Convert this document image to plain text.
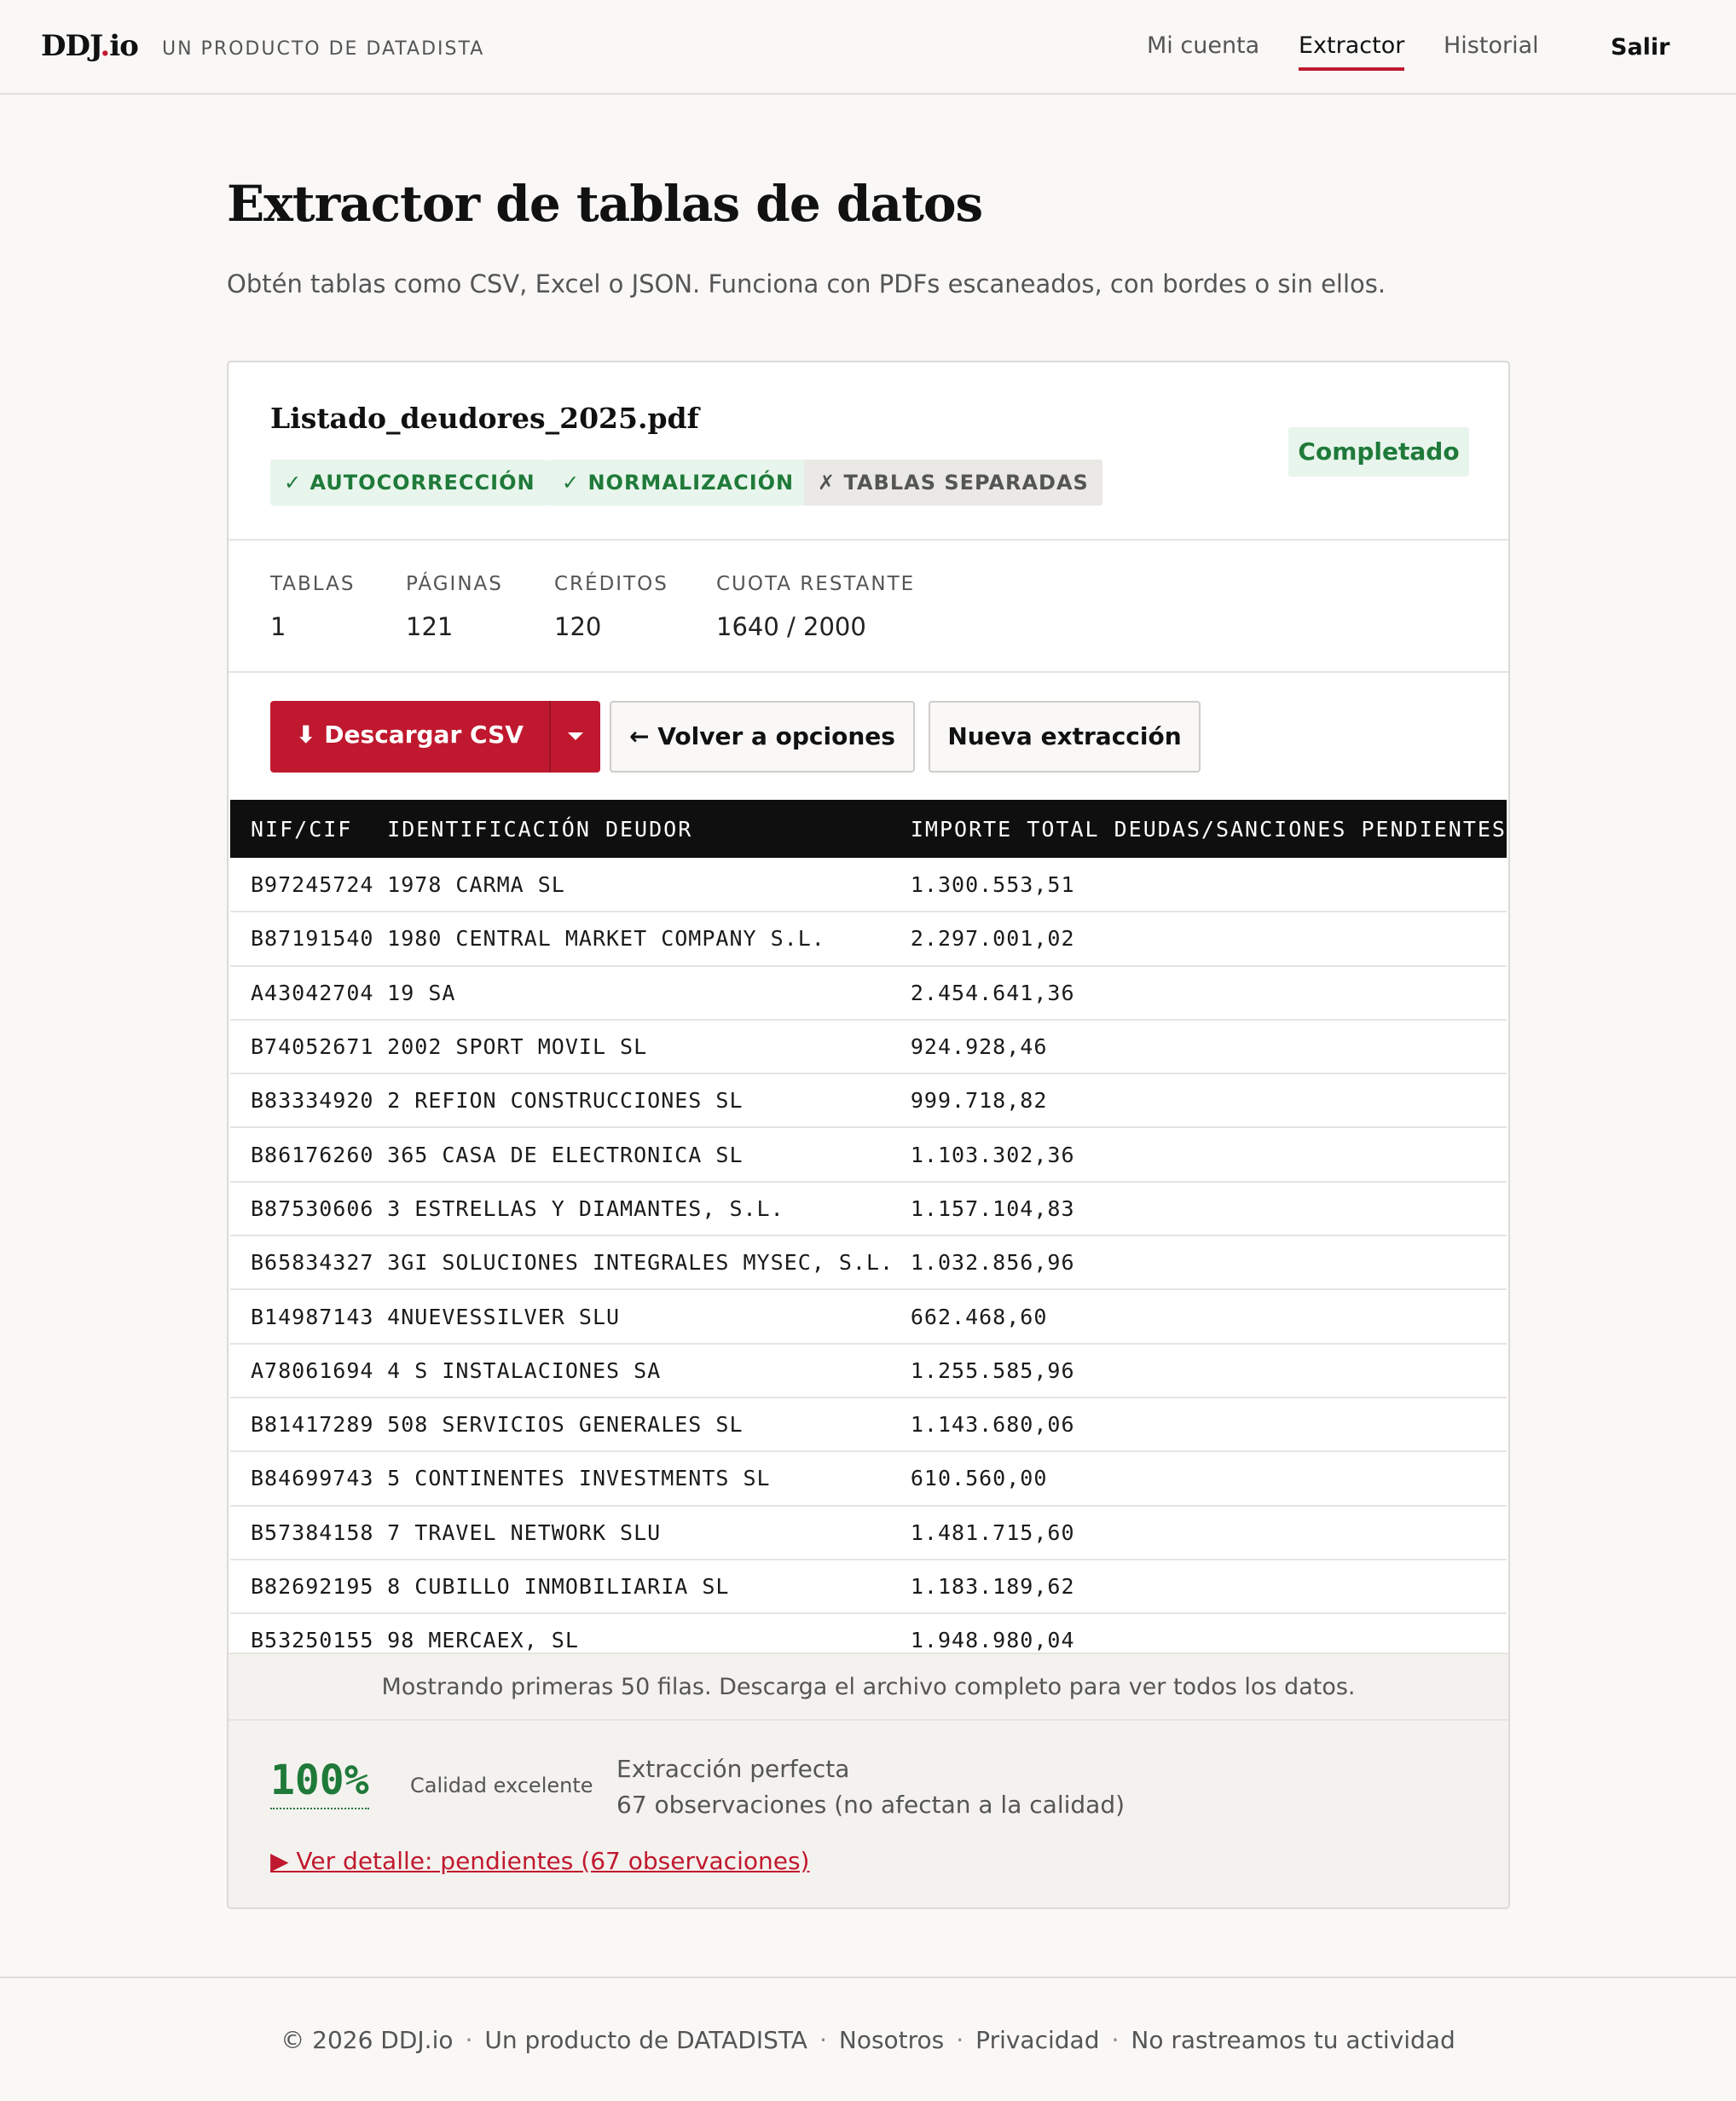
DDJ.io UN PRODUCTO DE DATADISTA	Mi cuenta Extractor Historial	Salir
Extractor de tablas de datos

Obtén tablas como CSV, Excel o JSON. Funciona con PDFs escaneados, con bordes o sin ellos.

Listado_deudores_2025.pdf
✓ AUTOCORRECCIÓN	✓ NORMALIZACIÓN	✗ TABLAS SEPARADAS
Completado
TABLAS
1
PÁGINAS
121
CRÉDITOS
120
CUOTA RESTANTE
1640 / 2000
⬇ Descargar CSV	← Volver a opciones	Nueva extracción
NIF/CIF	IDENTIFICACIÓN DEUDOR	IMPORTE TOTAL DEUDAS/SANCIONES PENDIENTES
B97245724	1978 CARMA SL	1.300.553,51
B87191540	1980 CENTRAL MARKET COMPANY S.L.	2.297.001,02
A43042704	19 SA	2.454.641,36
B74052671	2002 SPORT MOVIL SL	924.928,46
B83334920	2 REFION CONSTRUCCIONES SL	999.718,82
B86176260	365 CASA DE ELECTRONICA SL	1.103.302,36
B87530606	3 ESTRELLAS Y DIAMANTES, S.L.	1.157.104,83
B65834327	3GI SOLUCIONES INTEGRALES MYSEC, S.L.	1.032.856,96
B14987143	4NUEVESSILVER SLU	662.468,60
A78061694	4 S INSTALACIONES SA	1.255.585,96
B81417289	508 SERVICIOS GENERALES SL	1.143.680,06
B84699743	5 CONTINENTES INVESTMENTS SL	610.560,00
B57384158	7 TRAVEL NETWORK SLU	1.481.715,60
B82692195	8 CUBILLO INMOBILIARIA SL	1.183.189,62
B53250155	98 MERCAEX, SL	1.948.980,04
Mostrando primeras 50 filas. Descarga el archivo completo para ver todos los datos.
100% Calidad excelente
Extracción perfecta
67 observaciones (no afectan a la calidad)
▶ Ver detalle: pendientes (67 observaciones)
© 2026 DDJ.io · Un producto de DATADISTA · Nosotros · Privacidad · No rastreamos tu actividad
